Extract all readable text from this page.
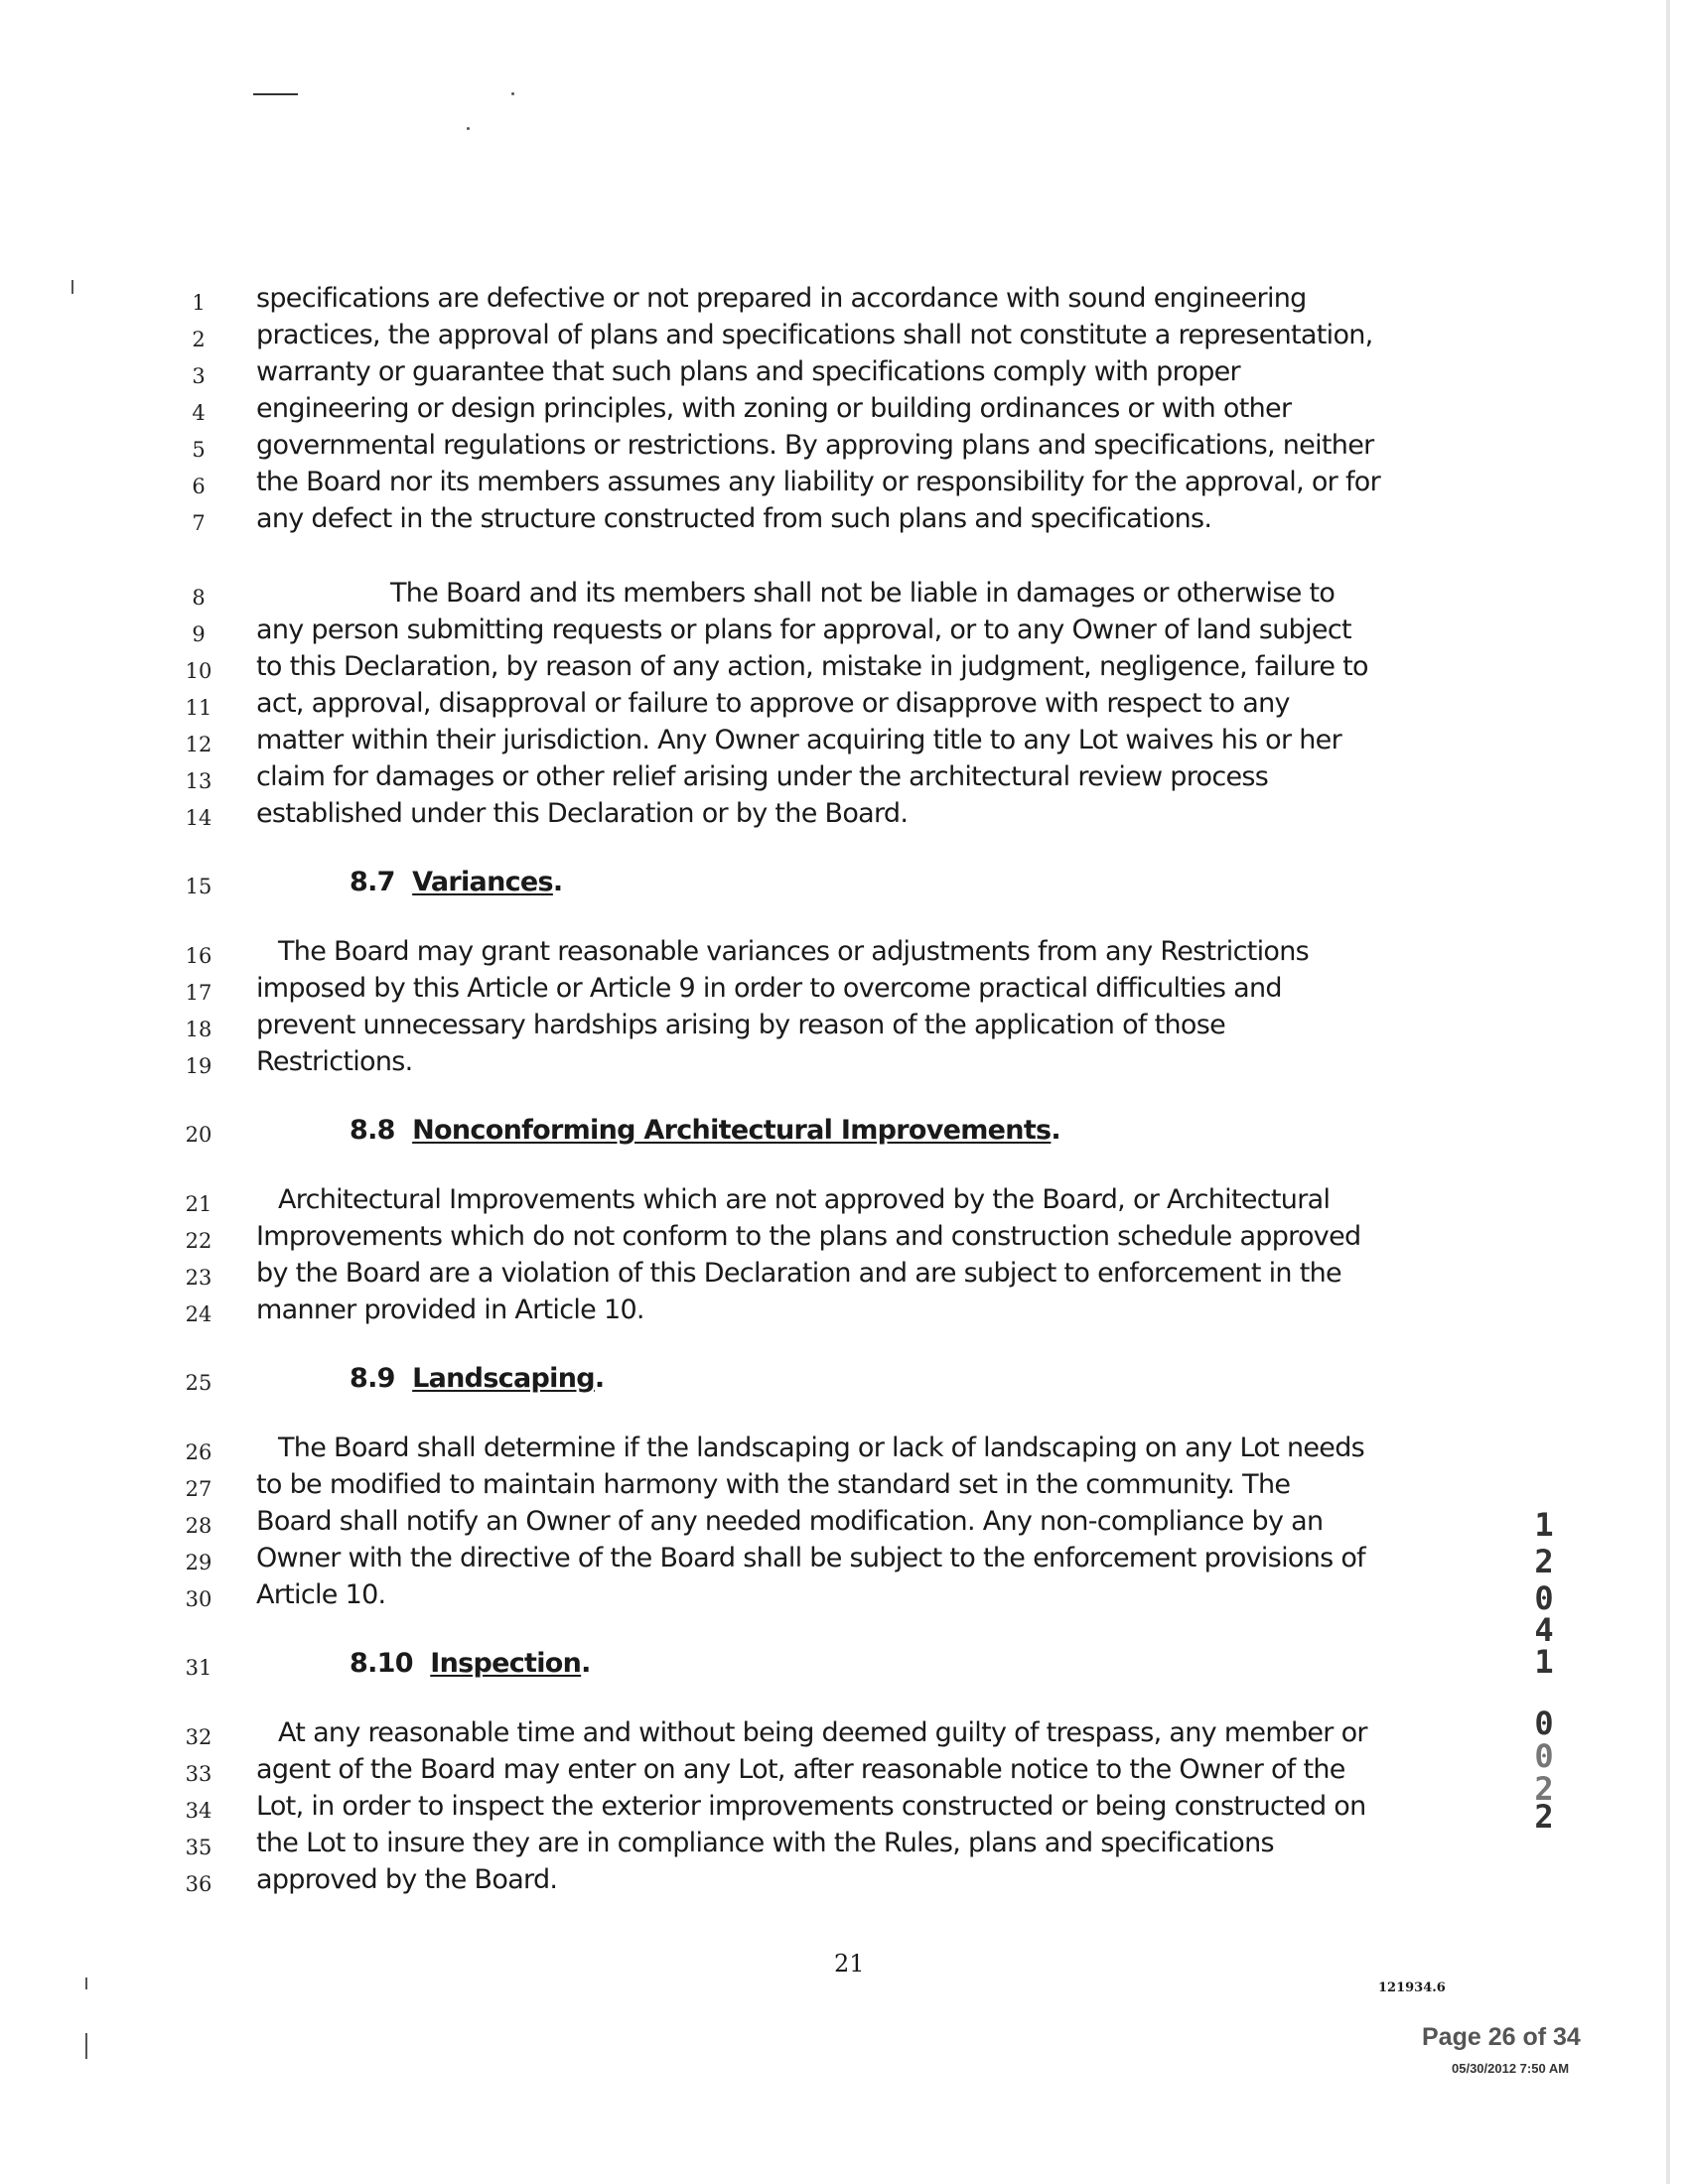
1	specifications are defective or not prepared in accordance with sound engineering
2	practices, the approval of plans and specifications shall not constitute a representation,
3	warranty or guarantee that such plans and specifications comply with proper
4	engineering or design principles, with zoning or building ordinances or with other
5	governmental regulations or restrictions. By approving plans and specifications, neither
6	the Board nor its members assumes any liability or responsibility for the approval, or for
7	any defect in the structure constructed from such plans and specifications.
8	The Board and its members shall not be liable in damages or otherwise to
9	any person submitting requests or plans for approval, or to any Owner of land subject
10 to this Declaration, by reason of any action, mistake in judgment, negligence, failure to
11 act, approval, disapproval or failure to approve or disapprove with respect to any
12 matter within their jurisdiction. Any Owner acquiring title to any Lot waives his or her
13 claim for damages or other relief arising under the architectural review process
14 established under this Declaration or by the Board.
15	8.7 Variances.
16 The Board may grant reasonable variances or adjustments from any Restrictions
17 imposed by this Article or Article 9 in order to overcome practical difficulties and
18 prevent unnecessary hardships arising by reason of the application of those
19 Restrictions.
20	8.8 Nonconforming Architectural Improvements.
21 Architectural Improvements which are not approved by the Board, or Architectural
22 Improvements which do not conform to the plans and construction schedule approved
23 by the Board are a violation of this Declaration and are subject to enforcement in the
24 manner provided in Article 10.
25	8.9 Landscaping.
26 The Board shall determine if the landscaping or lack of landscaping on any Lot needs
27 to be modified to maintain harmony with the standard set in the community. The
28 Board shall notify an Owner of any needed modification. Any non-compliance by an
29 Owner with the directive of the Board shall be subject to the enforcement provisions of
30 Article 10.
31	8.10 Inspection.
32 At any reasonable time and without being deemed guilty of trespass, any member or
33 agent of the Board may enter on any Lot, after reasonable notice to the Owner of the
34 Lot, in order to inspect the exterior improvements constructed or being constructed on
35 the Lot to insure they are in compliance with the Rules, plans and specifications
36 approved by the Board.
1
2
0
4
1
0
0
2
2
21
121934.6
Page 26 of 34
05/30/2012 7:50 AM
